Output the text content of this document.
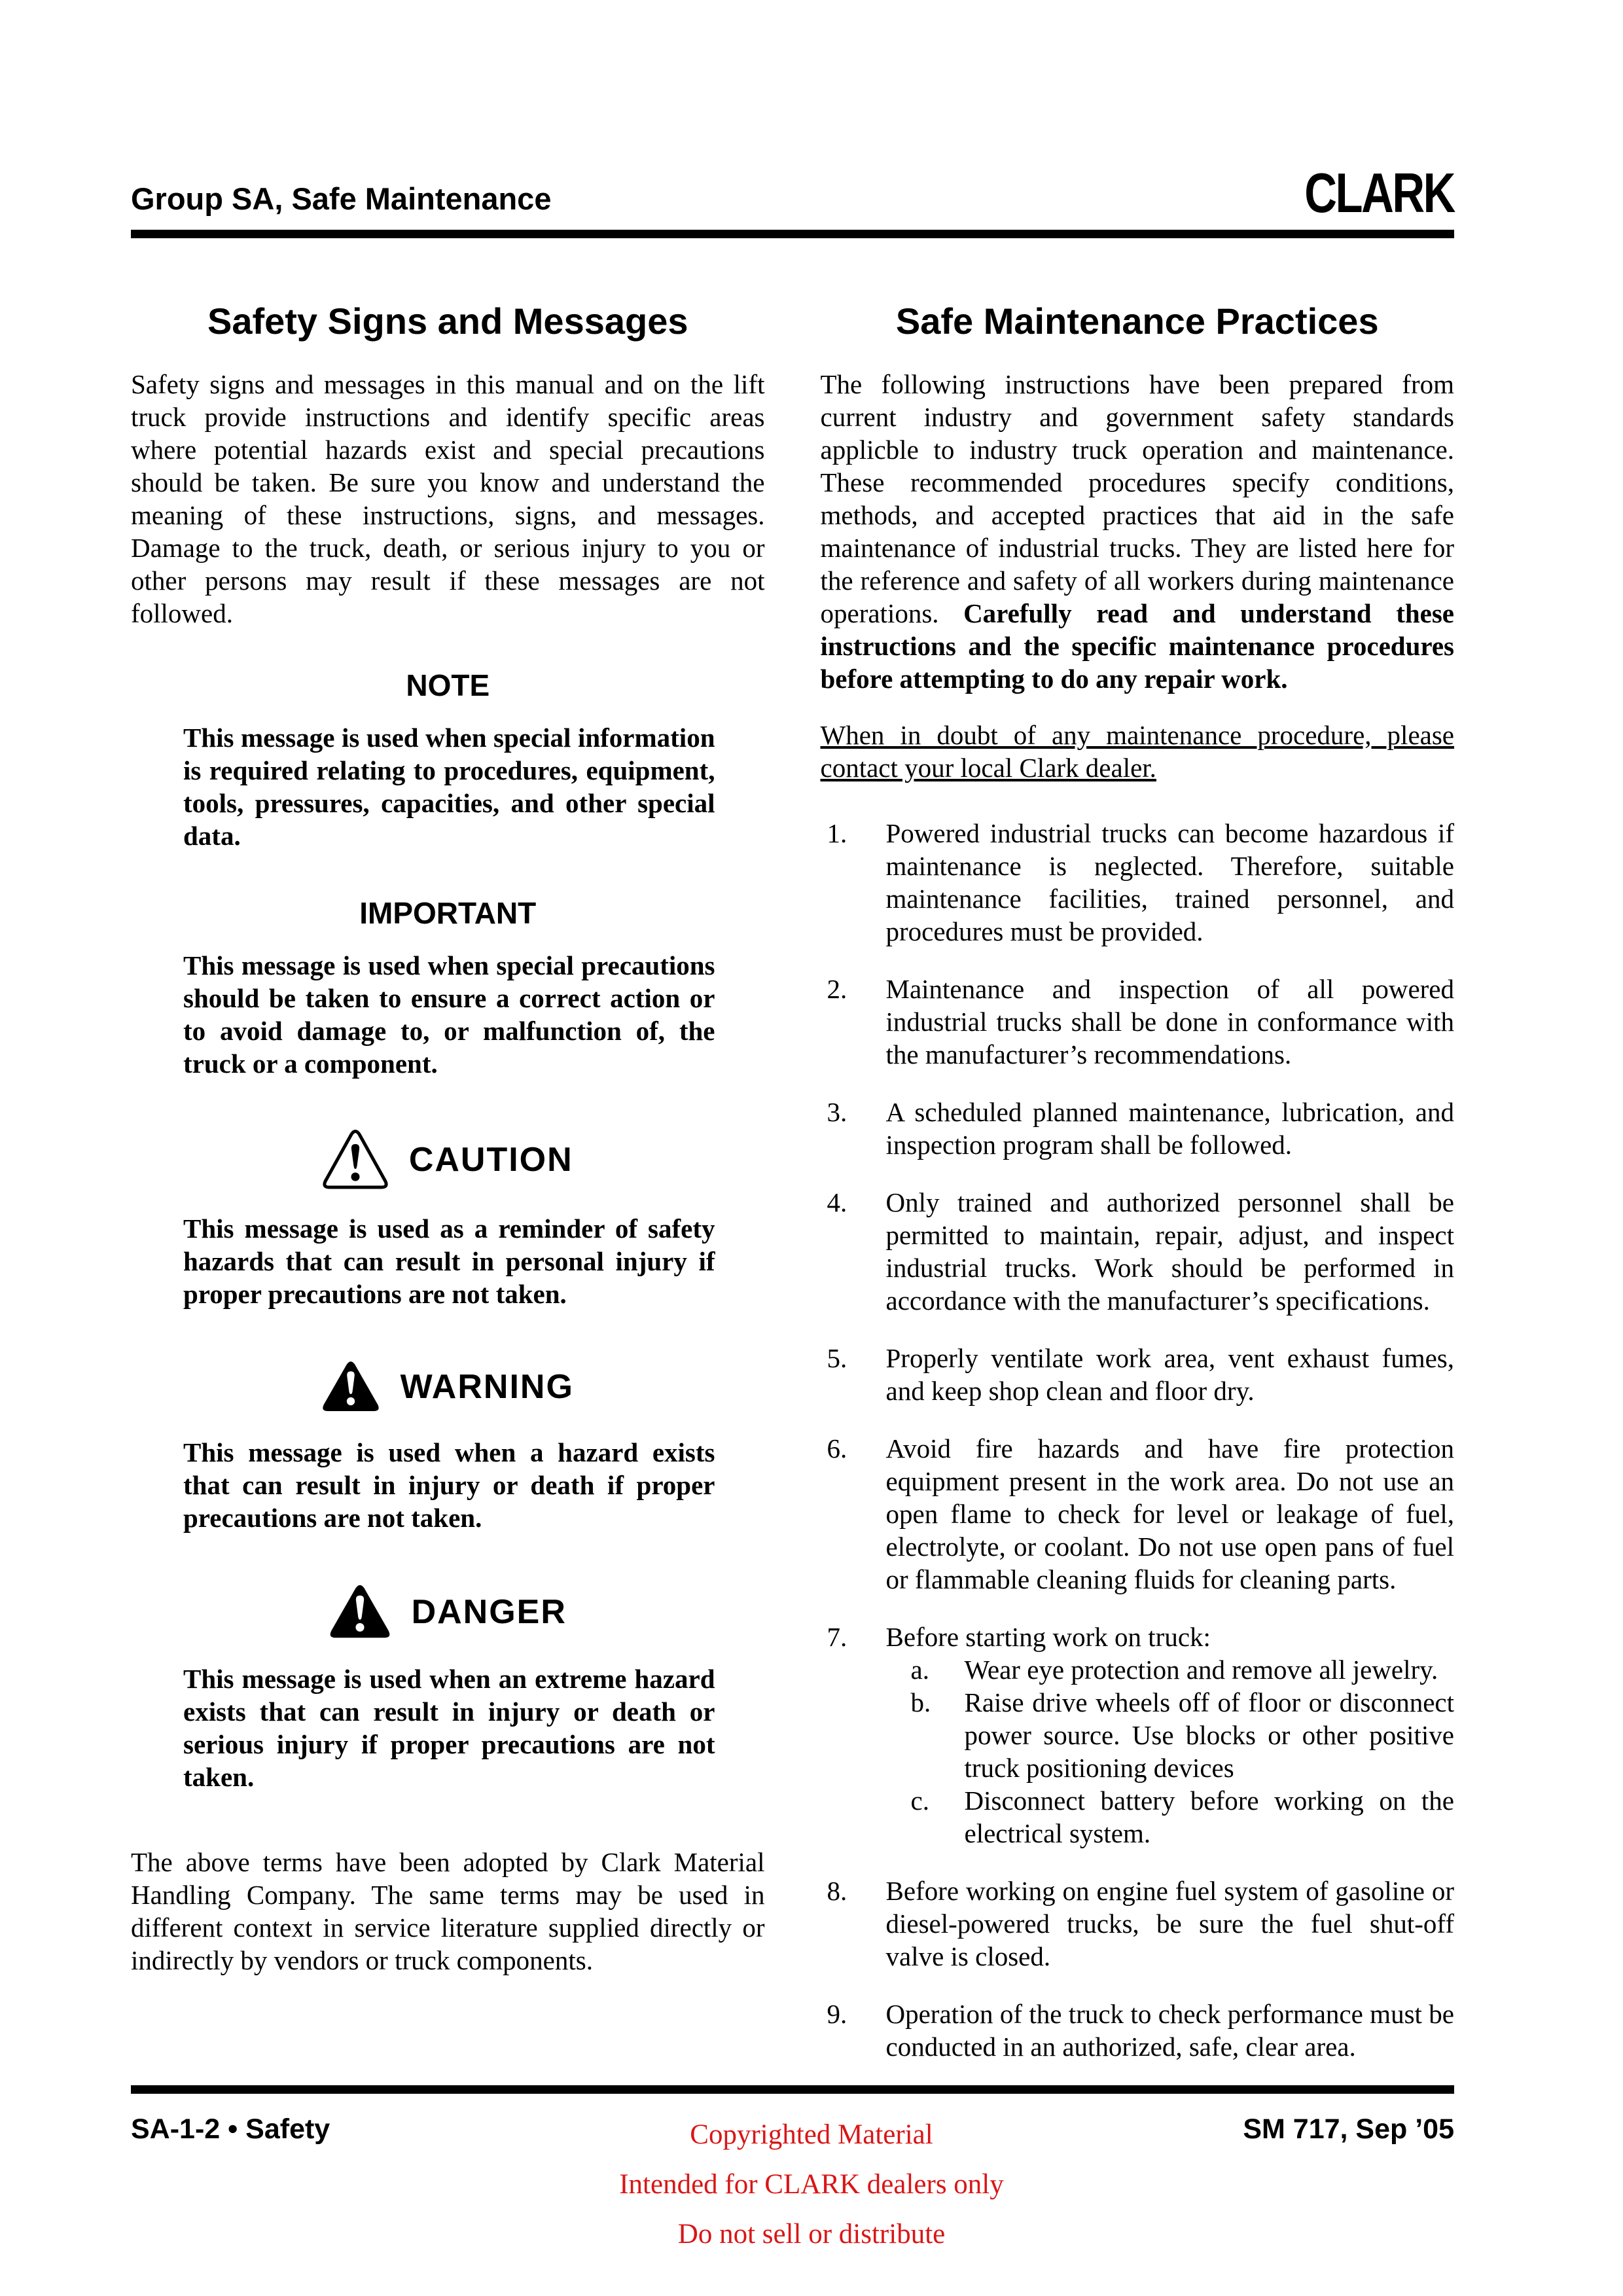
Group SA, Safe Maintenance	CLARK
Safety Signs and Messages

Safety signs and messages in this manual and on the lift truck provide instructions and identify specific areas where potential hazards exist and special precautions should be taken. Be sure you know and understand the meaning of these instructions, signs, and messages. Damage to the truck, death, or serious injury to you or other persons may result if these messages are not followed.

NOTE

This message is used when special information is required relating to procedures, equipment, tools, pressures, capacities, and other special data.

IMPORTANT

This message is used when special precautions should be taken to ensure a correct action or to avoid damage to, or malfunction of, the truck or a component.

CAUTION

This message is used as a reminder of safety hazards that can result in personal injury if proper precautions are not taken.

WARNING

This message is used when a hazard exists that can result in injury or death if proper precautions are not taken.

DANGER

This message is used when an extreme hazard exists that can result in injury or death or serious injury if proper precautions are not taken.

The above terms have been adopted by Clark Material Handling Company. The same terms may be used in different context in service literature supplied directly or indirectly by vendors or truck components.

Safe Maintenance Practices

The following instructions have been prepared from current industry and government safety standards applicble to industry truck operation and maintenance. These recommended procedures specify conditions, methods, and accepted practices that aid in the safe maintenance of industrial trucks. They are listed here for the reference and safety of all workers during maintenance operations. Carefully read and understand these instructions and the specific maintenance procedures before attempting to do any repair work.

When in doubt of any maintenance procedure, please contact your local Clark dealer.

1.	Powered industrial trucks can become hazardous if maintenance is neglected. Therefore, suitable maintenance facilities, trained personnel, and procedures must be provided.
2.	Maintenance and inspection of all powered industrial trucks shall be done in conformance with the manufacturer’s recommendations.
3.	A scheduled planned maintenance, lubrication, and inspection program shall be followed.
4.	Only trained and authorized personnel shall be permitted to maintain, repair, adjust, and inspect industrial trucks. Work should be performed in accordance with the manufacturer’s specifications.
5.	Properly ventilate work area, vent exhaust fumes, and keep shop clean and floor dry.
6.	Avoid fire hazards and have fire protection equipment present in the work area. Do not use an open flame to check for level or leakage of fuel, electrolyte, or coolant. Do not use open pans of fuel or flammable cleaning fluids for cleaning parts.
7.	Before starting work on truck:
a.	Wear eye protection and remove all jewelry.
b.	Raise drive wheels off of floor or disconnect power source. Use blocks or other positive truck positioning devices
c.	Disconnect battery before working on the electrical system.
8.	Before working on engine fuel system of gasoline or diesel-powered trucks, be sure the fuel shut-off valve is closed.
9.	Operation of the truck to check performance must be conducted in an authorized, safe, clear area.
SA-1-2 • Safety	SM 717, Sep ’05
Copyrighted Material
Intended for CLARK dealers only
Do not sell or distribute
